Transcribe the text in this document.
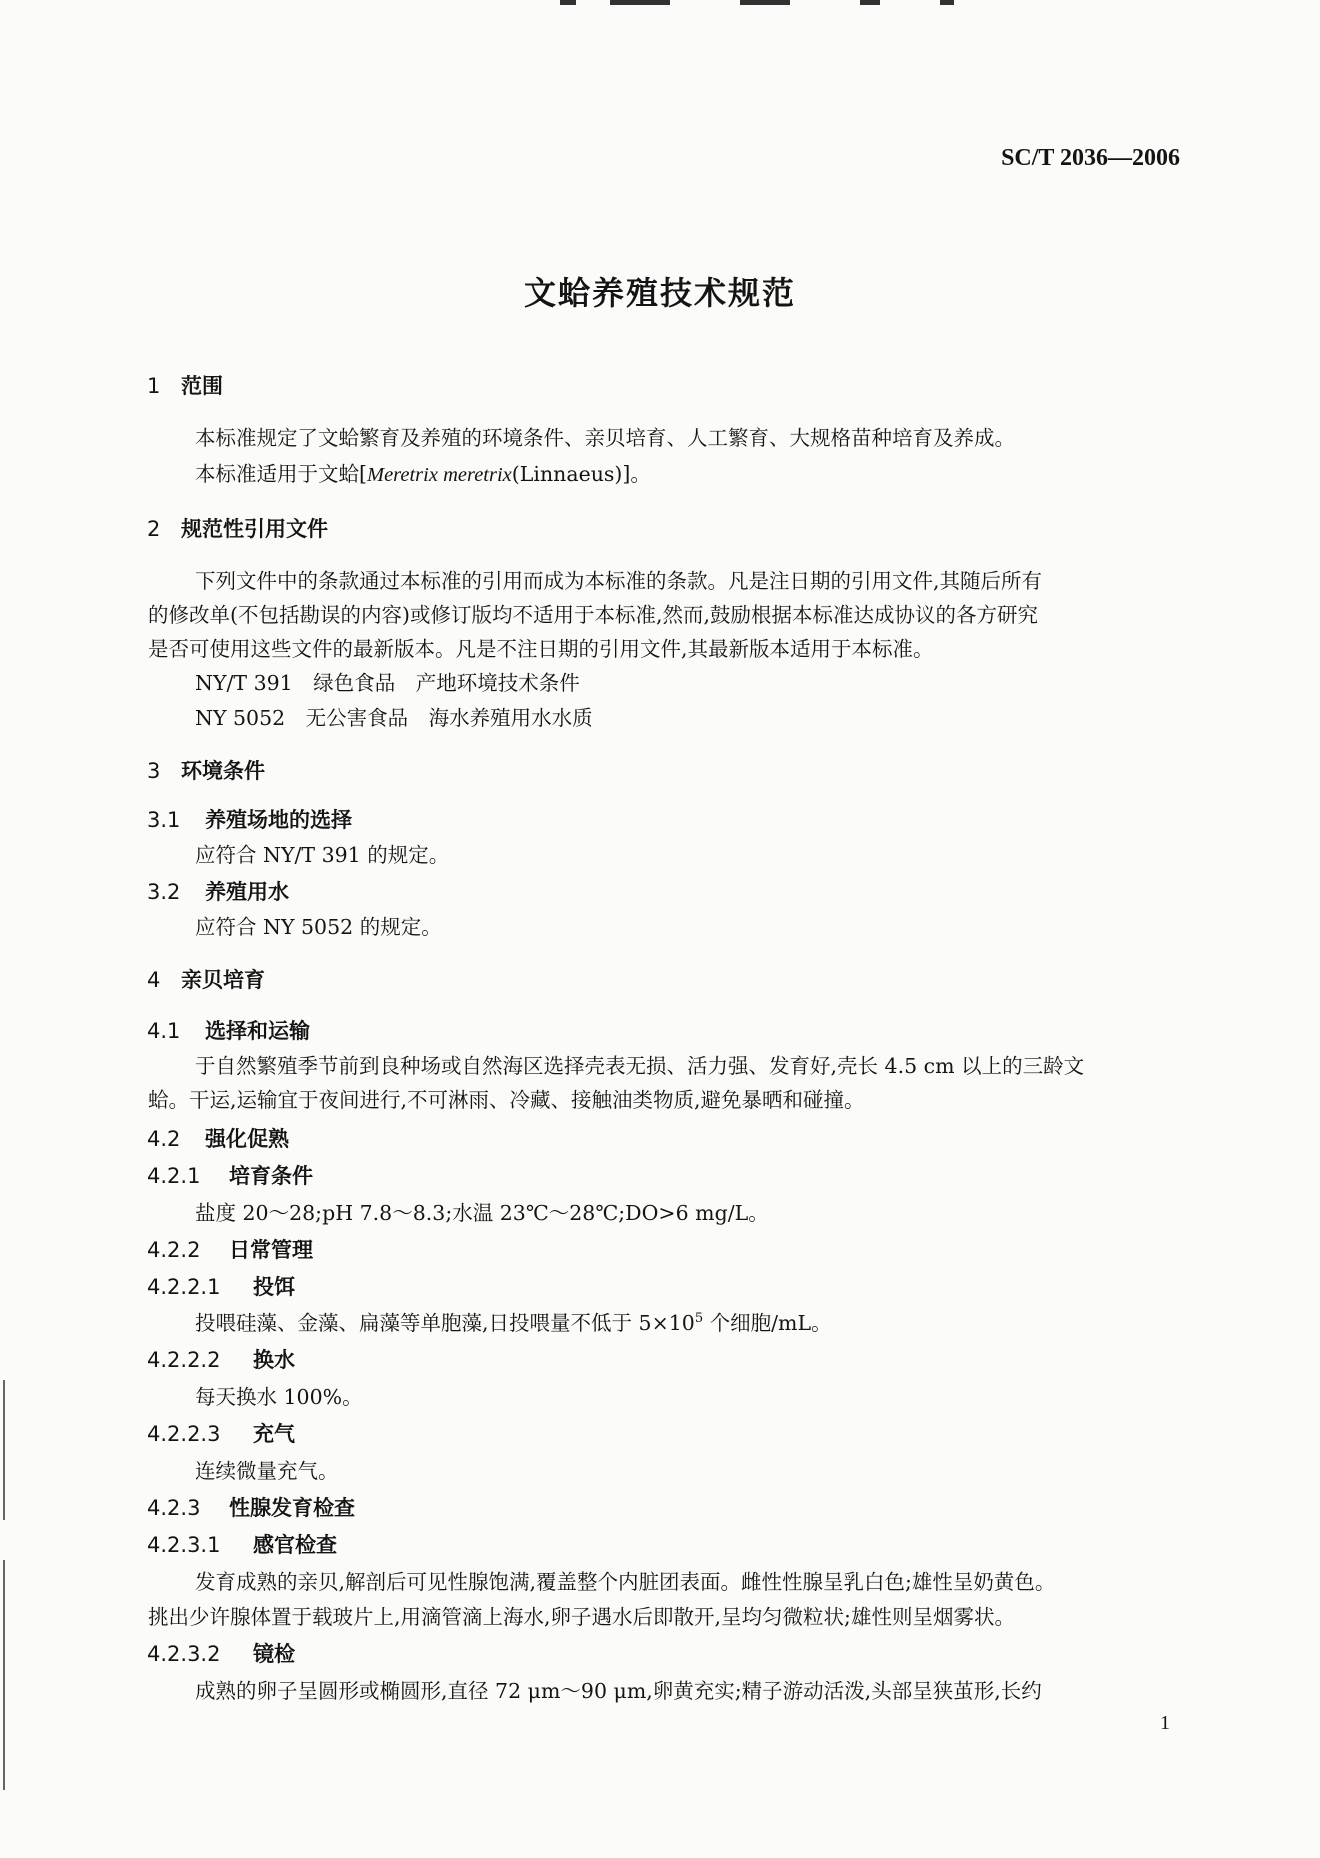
SC/T 2036—2006
文蛤养殖技术规范
1 范围
本标准规定了文蛤繁育及养殖的环境条件、亲贝培育、人工繁育、大规格苗种培育及养成。
本标准适用于文蛤[Meretrix meretrix(Linnaeus)]。
2 规范性引用文件
下列文件中的条款通过本标准的引用而成为本标准的条款。凡是注日期的引用文件,其随后所有
的修改单(不包括勘误的内容)或修订版均不适用于本标准,然而,鼓励根据本标准达成协议的各方研究
是否可使用这些文件的最新版本。凡是不注日期的引用文件,其最新版本适用于本标准。
NY/T 391　绿色食品　产地环境技术条件
NY 5052　无公害食品　海水养殖用水水质
3 环境条件
3.1 养殖场地的选择
应符合 NY/T 391 的规定。
3.2 养殖用水
应符合 NY 5052 的规定。
4 亲贝培育
4.1 选择和运输
于自然繁殖季节前到良种场或自然海区选择壳表无损、活力强、发育好,壳长 4.5 cm 以上的三龄文
蛤。干运,运输宜于夜间进行,不可淋雨、冷藏、接触油类物质,避免暴晒和碰撞。
4.2 强化促熟
4.2.1 培育条件
盐度 20～28;pH 7.8～8.3;水温 23℃～28℃;DO>6 mg/L。
4.2.2 日常管理
4.2.2.1 投饵
投喂硅藻、金藻、扁藻等单胞藻,日投喂量不低于 $5\times 10^5$ 个细胞/mL。
4.2.2.2 换水
每天换水 100%。
4.2.2.3 充气
连续微量充气。
4.2.3 性腺发育检查
4.2.3.1 感官检查
发育成熟的亲贝,解剖后可见性腺饱满,覆盖整个内脏团表面。雌性性腺呈乳白色;雄性呈奶黄色。
挑出少许腺体置于载玻片上,用滴管滴上海水,卵子遇水后即散开,呈均匀微粒状;雄性则呈烟雾状。
4.2.3.2 镜检
成熟的卵子呈圆形或椭圆形,直径 72 μm～90 μm,卵黄充实;精子游动活泼,头部呈狭茧形,长约
1
